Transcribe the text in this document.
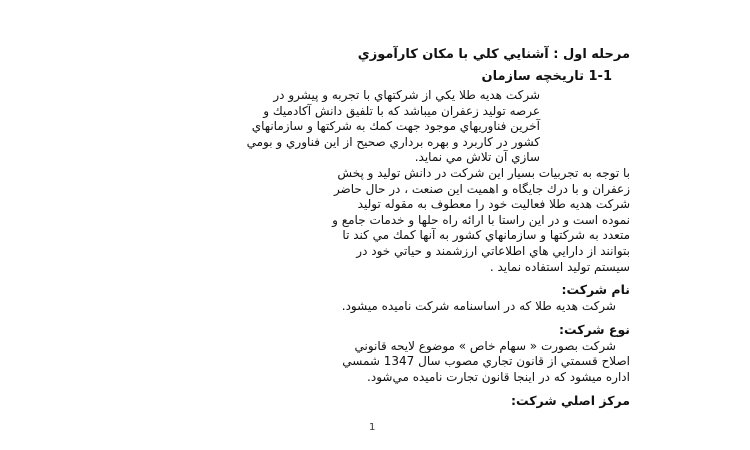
مرحله اول : آشنايي کلي با مکان کارآموزي
1-1 تاريخچه سازمان
شرکت هديه طلا يکي از شرکتهاي با تجربه و پيشرو در
عرصه توليد زعفران ميباشد که با تلفيق دانش آکادميك و
آخرين فناوريهاي موجود جهت کمك به شرکتها و سازمانهاي
کشور در کاربرد و بهره برداري صحيح از اين فناوري و بومي
سازي آن تلاش مي نمايد.
با توجه به تجربيات بسيار اين شرکت در دانش توليد و پخش
زعفران و با درك جايگاه و اهميت اين صنعت ، در حال حاضر
شرکت هديه طلا فعاليت خود را معطوف به مقوله توليد
نموده است و در اين راستا با ارائه راه حلها و خدمات جامع و
متعدد به شرکتها و سازمانهاي کشور به آنها كمك مي كند تا
بتوانند از دارايي هاي اطلاعاتي ارزشمند و حياتي خود در
سيستم توليد استفاده نمايد .
نام شرکت:
شرکت هديه طلا که در اساسنامه شرکت ناميده ميشود.
نوع شرکت:
شرکت بصورت « سهام خاص » موضوع لايحه قانوني
اصلاح قسمتي از قانون تجاري مصوب سال 1347 شمسي
اداره ميشود كه در اينجا قانون تجارت ناميده مي‌شود.
مرکز اصلي شرکت:
1
